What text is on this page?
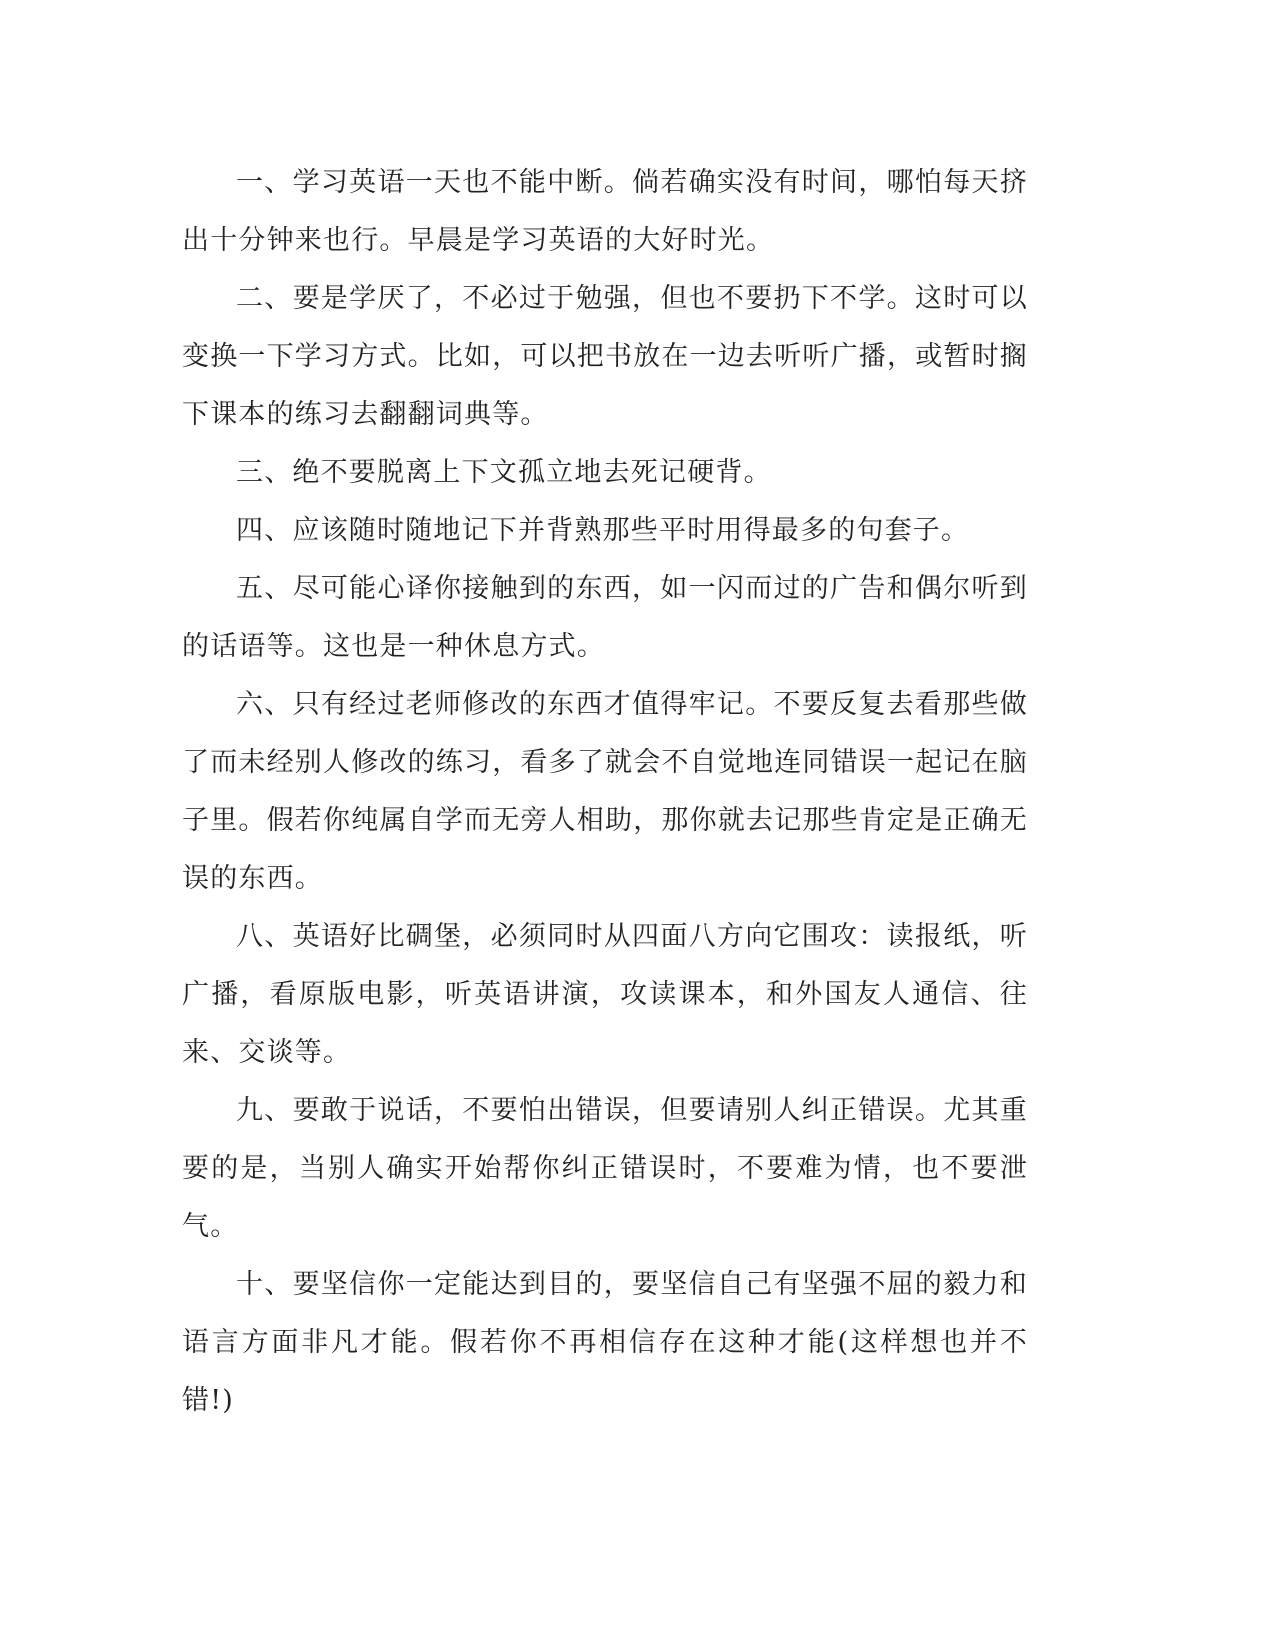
一、学习英语一天也不能中断。倘若确实没有时间，哪怕每天挤出十分钟来也行。早晨是学习英语的大好时光。

二、要是学厌了，不必过于勉强，但也不要扔下不学。这时可以变换一下学习方式。比如，可以把书放在一边去听听广播，或暂时搁下课本的练习去翻翻词典等。

三、绝不要脱离上下文孤立地去死记硬背。

四、应该随时随地记下并背熟那些平时用得最多的句套子。

五、尽可能心译你接触到的东西，如一闪而过的广告和偶尔听到的话语等。这也是一种休息方式。

六、只有经过老师修改的东西才值得牢记。不要反复去看那些做了而未经别人修改的练习，看多了就会不自觉地连同错误一起记在脑子里。假若你纯属自学而无旁人相助，那你就去记那些肯定是正确无误的东西。

八、英语好比碉堡，必须同时从四面八方向它围攻：读报纸，听广播，看原版电影，听英语讲演，攻读课本，和外国友人通信、往来、交谈等。

九、要敢于说话，不要怕出错误，但要请别人纠正错误。尤其重要的是，当别人确实开始帮你纠正错误时，不要难为情，也不要泄气。

十、要坚信你一定能达到目的，要坚信自己有坚强不屈的毅力和语言方面非凡才能。假若你不再相信存在这种才能(这样想也并不错!)
